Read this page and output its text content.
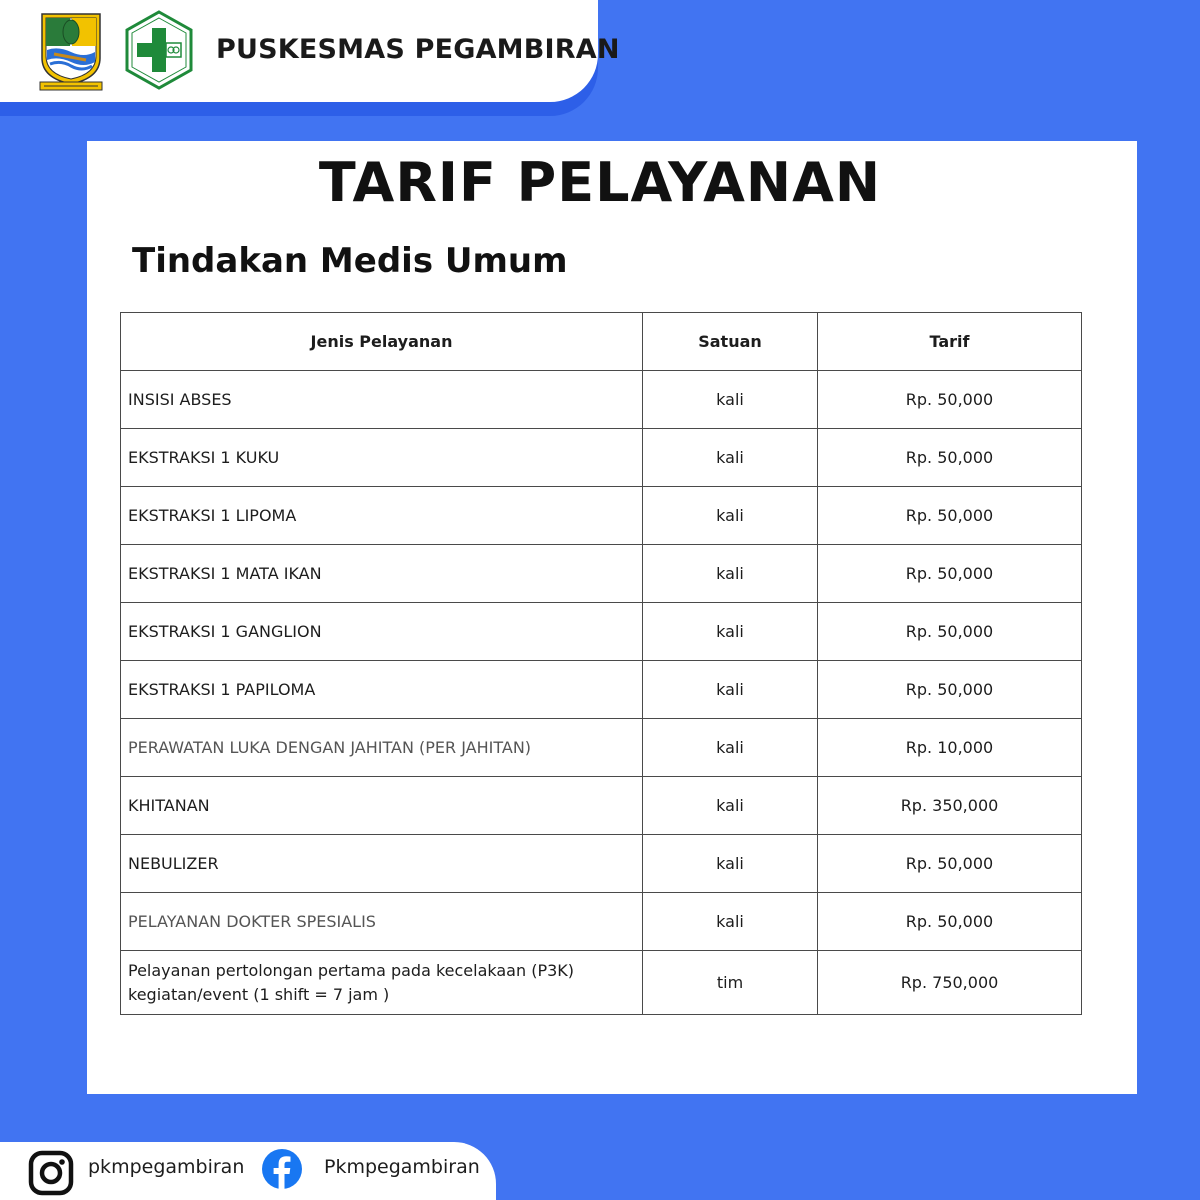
PUSKESMAS PEGAMBIRAN
TARIF PELAYANAN
Tindakan Medis Umum
Jenis Pelayanan	Satuan	Tarif
INSISI ABSES	kali	Rp. 50,000
EKSTRAKSI 1 KUKU	kali	Rp. 50,000
EKSTRAKSI 1 LIPOMA	kali	Rp. 50,000
EKSTRAKSI 1 MATA IKAN	kali	Rp. 50,000
EKSTRAKSI 1 GANGLION	kali	Rp. 50,000
EKSTRAKSI 1 PAPILOMA	kali	Rp. 50,000
PERAWATAN LUKA DENGAN JAHITAN (PER JAHITAN)	kali	Rp. 10,000
KHITANAN	kali	Rp. 350,000
NEBULIZER	kali	Rp. 50,000
PELAYANAN DOKTER SPESIALIS	kali	Rp. 50,000
Pelayanan pertolongan pertama pada kecelakaan (P3K)
kegiatan/event (1 shift = 7 jam )	tim	Rp. 750,000
pkmpegambiran	Pkmpegambiran
